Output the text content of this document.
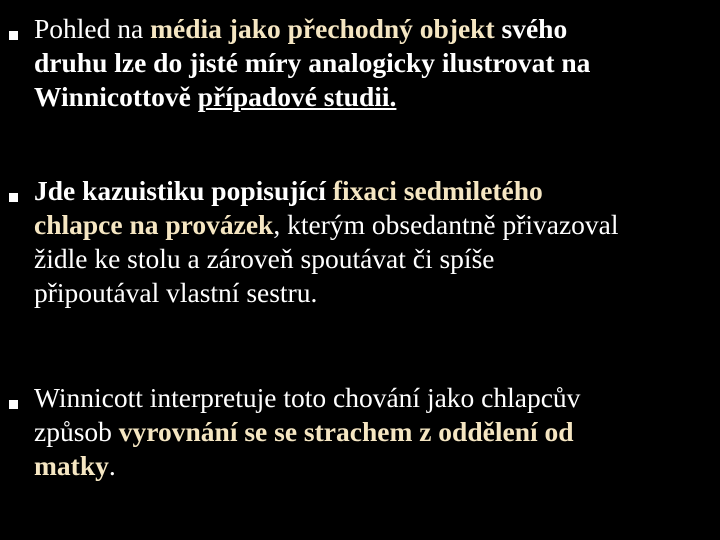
Pohled na média jako přechodný objekt svého
druhu lze do jisté míry analogicky ilustrovat na
Winnicottově případové studii.
Jde kazuistiku popisující fixaci sedmiletého
chlapce na provázek, kterým obsedantně přivazoval
židle ke stolu a zároveň spoutávat či spíše
připoutával vlastní sestru.
Winnicott interpretuje toto chování jako chlapcův
způsob vyrovnání se se strachem z oddělení od
matky.
